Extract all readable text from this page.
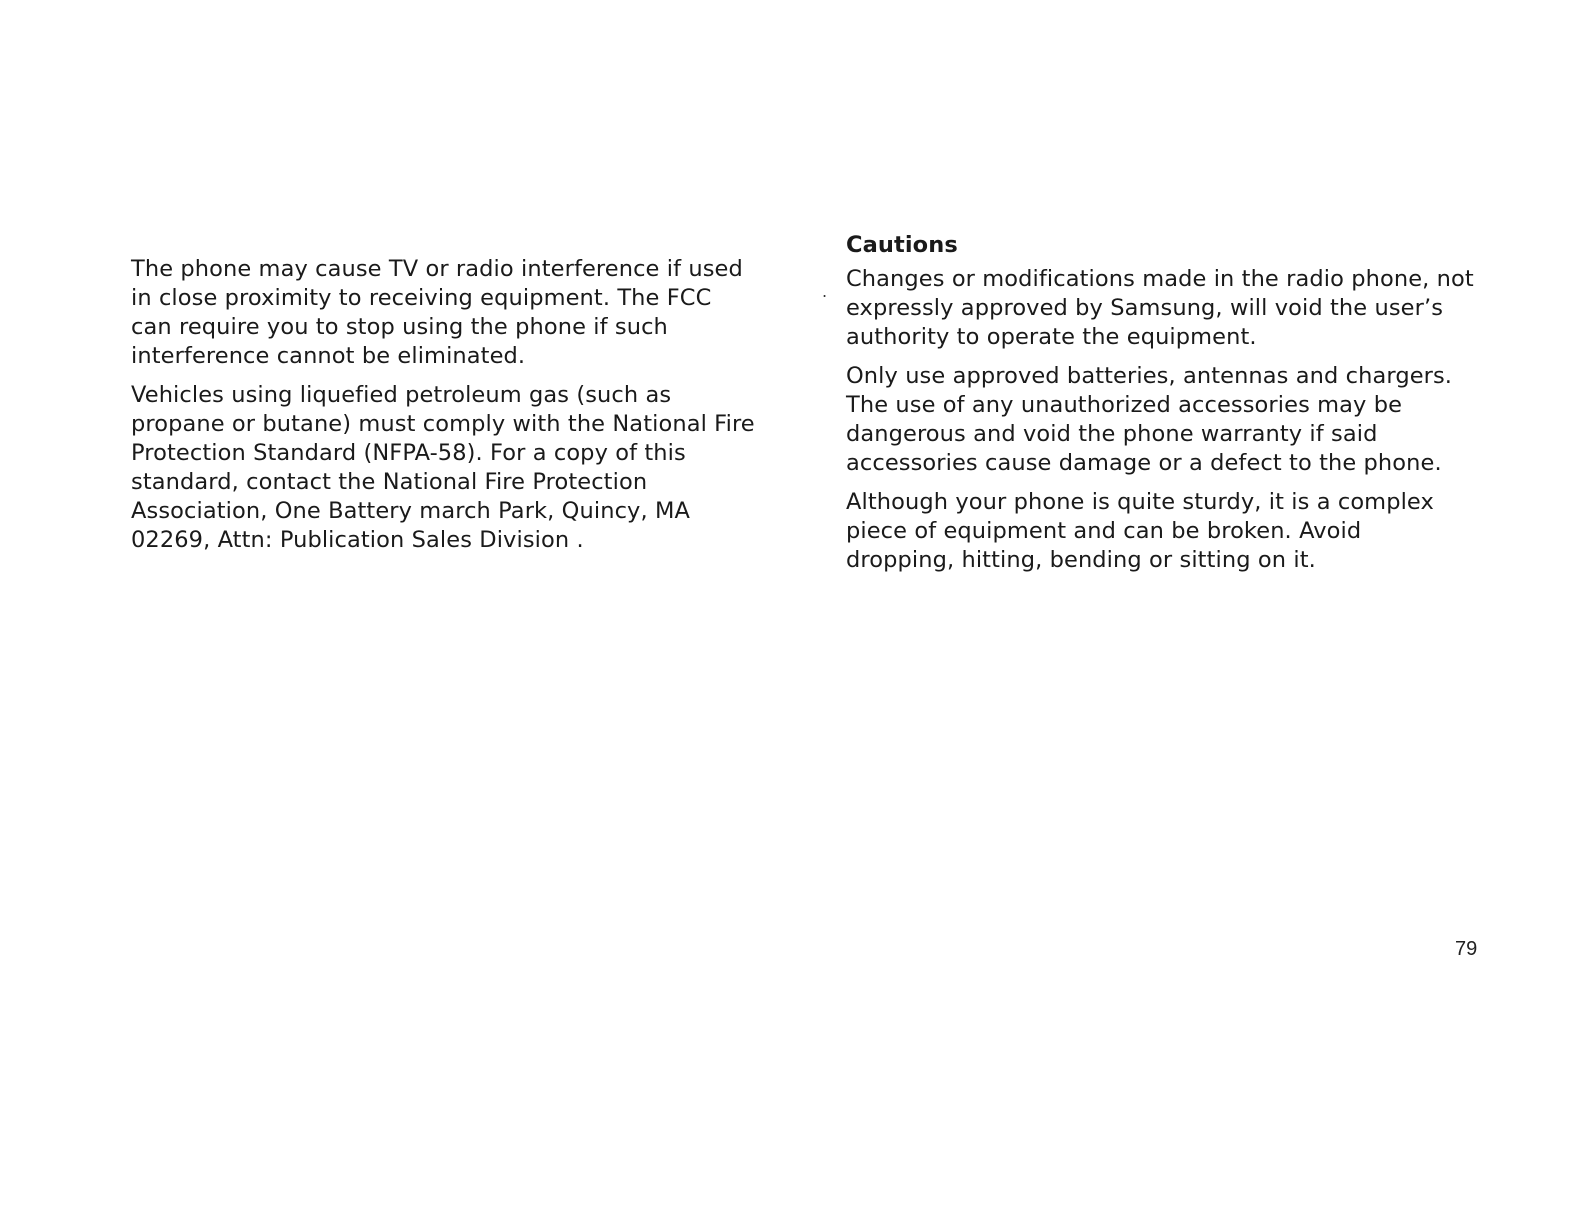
The phone may cause TV or radio interference if used
in close proximity to receiving equipment. The FCC
can require you to stop using the phone if such
interference cannot be eliminated.

Vehicles using liquefied petroleum gas (such as
propane or butane) must comply with the National Fire
Protection Standard (NFPA-58). For a copy of this
standard, contact the National Fire Protection
Association, One Battery march Park, Quincy, MA
02269, Attn: Publication Sales Division .

.
Cautions

Changes or modifications made in the radio phone, not
expressly approved by Samsung, will void the user’s
authority to operate the equipment.

Only use approved batteries, antennas and chargers.
The use of any unauthorized accessories may be
dangerous and void the phone warranty if said
accessories cause damage or a defect to the phone.

Although your phone is quite sturdy, it is a complex
piece of equipment and can be broken. Avoid
dropping, hitting, bending or sitting on it.

79
